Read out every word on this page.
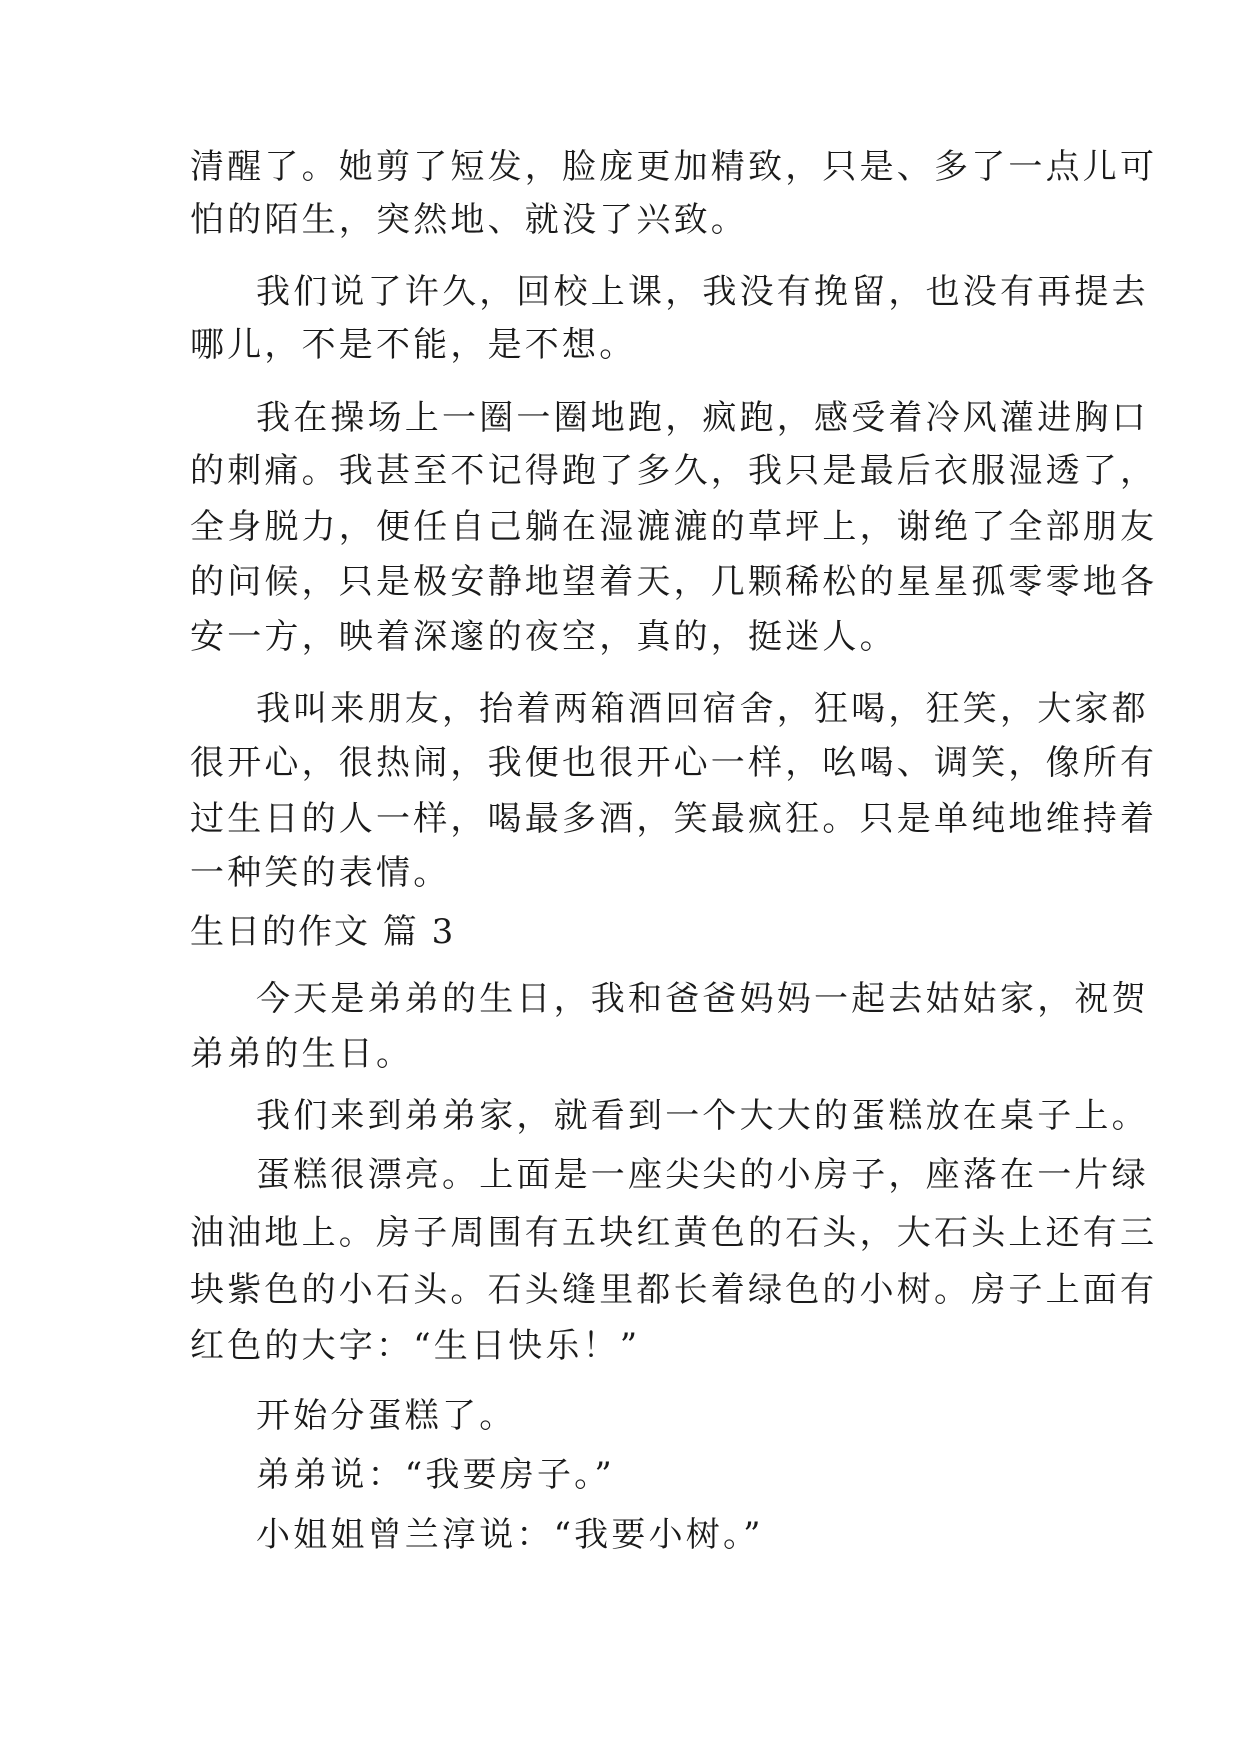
清醒了。她剪了短发，脸庞更加精致，只是、多了一点儿可
怕的陌生，突然地、就没了兴致。
我们说了许久，回校上课，我没有挽留，也没有再提去
哪儿，不是不能，是不想。
我在操场上一圈一圈地跑，疯跑，感受着冷风灌进胸口
的刺痛。我甚至不记得跑了多久，我只是最后衣服湿透了，
全身脱力，便任自己躺在湿漉漉的草坪上，谢绝了全部朋友
的问候，只是极安静地望着天，几颗稀松的星星孤零零地各
安一方，映着深邃的夜空，真的，挺迷人。
我叫来朋友，抬着两箱酒回宿舍，狂喝，狂笑，大家都
很开心，很热闹，我便也很开心一样，吆喝、调笑，像所有
过生日的人一样，喝最多酒，笑最疯狂。只是单纯地维持着
一种笑的表情。
生日的作文 篇 3
今天是弟弟的生日，我和爸爸妈妈一起去姑姑家，祝贺
弟弟的生日。
我们来到弟弟家，就看到一个大大的蛋糕放在桌子上。
蛋糕很漂亮。上面是一座尖尖的小房子，座落在一片绿
油油地上。房子周围有五块红黄色的石头，大石头上还有三
块紫色的小石头。石头缝里都长着绿色的小树。房子上面有
红色的大字：“生日快乐！”
开始分蛋糕了。
弟弟说：“我要房子。”
小姐姐曾兰淳说：“我要小树。”
